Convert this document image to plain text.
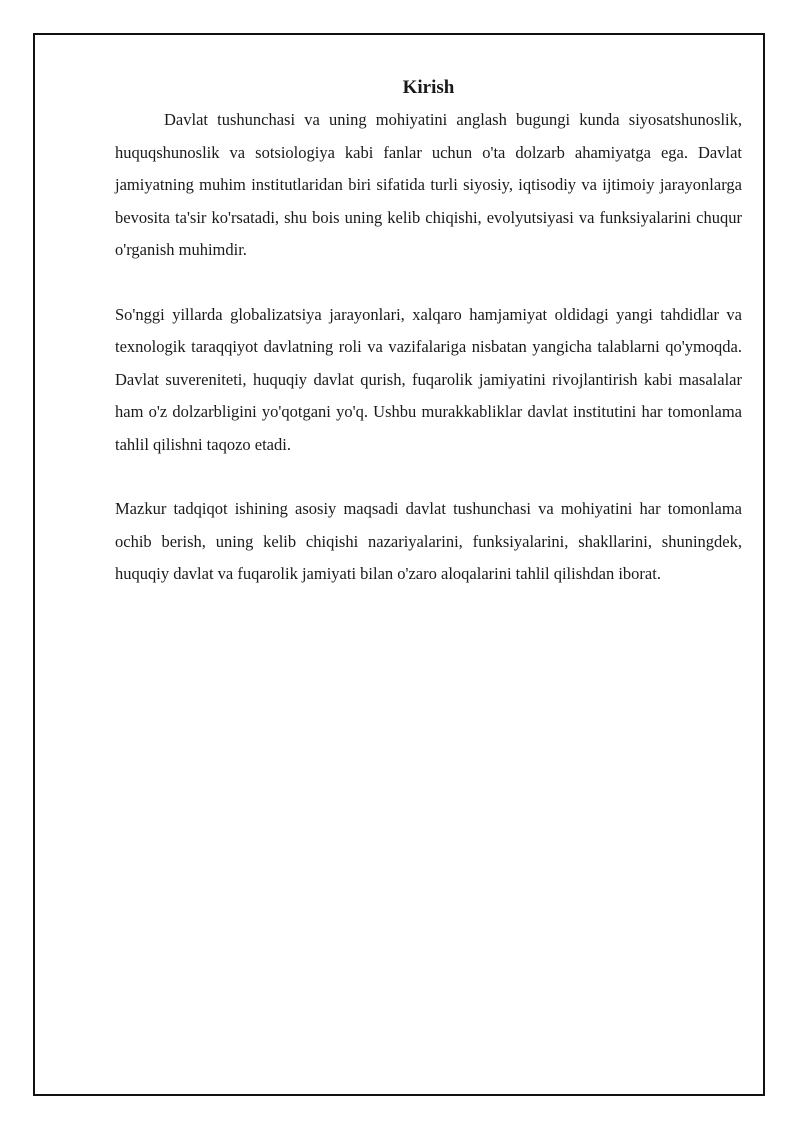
Kirish

Davlat tushunchasi va uning mohiyatini anglash bugungi kunda siyosatshunoslik, huquqshunoslik va sotsiologiya kabi fanlar uchun o'ta dolzarb ahamiyatga ega. Davlat jamiyatning muhim institutlaridan biri sifatida turli siyosiy, iqtisodiy va ijtimoiy jarayonlarga bevosita ta'sir ko'rsatadi, shu bois uning kelib chiqishi, evolyutsiyasi va funksiyalarini chuqur o'rganish muhimdir.

So'nggi yillarda globalizatsiya jarayonlari, xalqaro hamjamiyat oldidagi yangi tahdidlar va texnologik taraqqiyot davlatning roli va vazifalariga nisbatan yangicha talablarni qo'ymoqda. Davlat suvereniteti, huquqiy davlat qurish, fuqarolik jamiyatini rivojlantirish kabi masalalar ham o'z dolzarbligini yo'qotgani yo'q. Ushbu murakkabliklar davlat institutini har tomonlama tahlil qilishni taqozo etadi.

Mazkur tadqiqot ishining asosiy maqsadi davlat tushunchasi va mohiyatini har tomonlama ochib berish, uning kelib chiqishi nazariyalarini, funksiyalarini, shakllarini, shuningdek, huquqiy davlat va fuqarolik jamiyati bilan o'zaro aloqalarini tahlil qilishdan iborat.
